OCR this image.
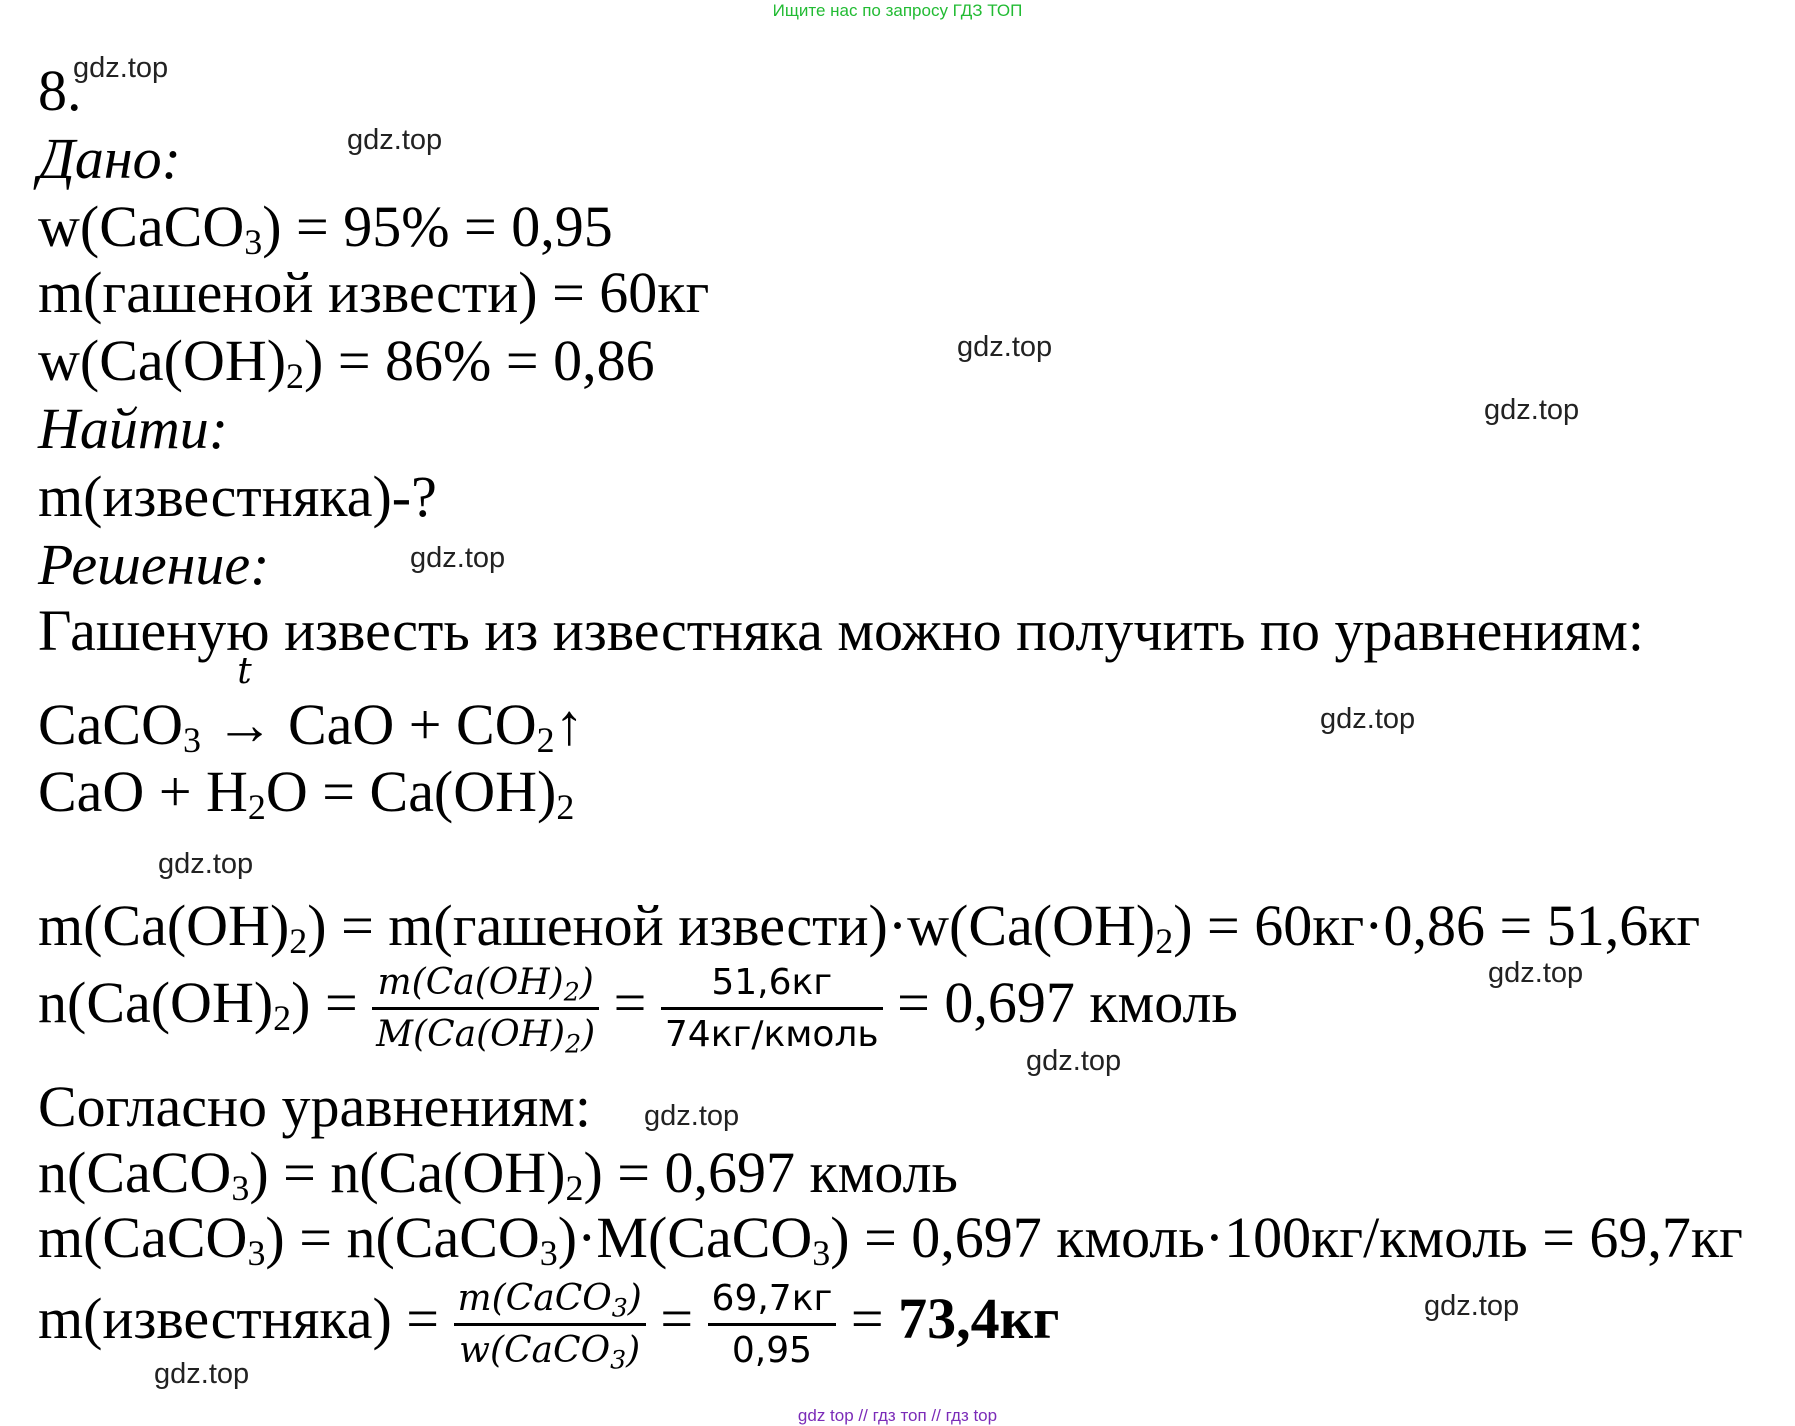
Ищите нас по запросу ГДЗ ТОП
gdz.top
gdz.top
gdz.top
gdz.top
gdz.top
gdz.top
gdz.top
gdz.top
gdz.top
gdz.top
gdz.top
gdz.top
8.
Дано:
w(CaCO$_3$) = 95% = 0,95
m(гашеной извести) = 60кг
$w(Ca(OH)_2) = 86\% = 0,86$
Найти:
m(известняка)-?
Решение:
Гашеную известь из известняка можно получить по уравнениям:
CaCO$_3$
t
→ CaO + $CO_2↑$
CaO + $H_2O = Ca(OH)_2$
$m(Ca(OH)_2)$ = m(гашеной $извести)\cdot w(Ca(OH)_2) = 60кг\cdot 0,86 = 51,6кг$
$n(Ca(OH)_2) = \frac{m(Ca(OH)_2)}{M(Ca(OH)_2)} = \frac{51,6кг}{\text{74кг/кмоль}} = 0,697$ кмоль
Согласно уравнениям:
n(CaCO$_3$) = $n(Ca(OH)_2) = 0,697$ кмоль
m(CaCO$_3$) = n(CaCO$_3$)·M(CaCO$_3$) = 0,697 кмоль·100кг/кмоль = 69,7кг
m(известняка) = $\frac{m(CaCO_3)}{w(CaCO_3)} = \frac{69,7кг}{0,95} = 73,4кг$
gdz top // гдз топ // гдз top
